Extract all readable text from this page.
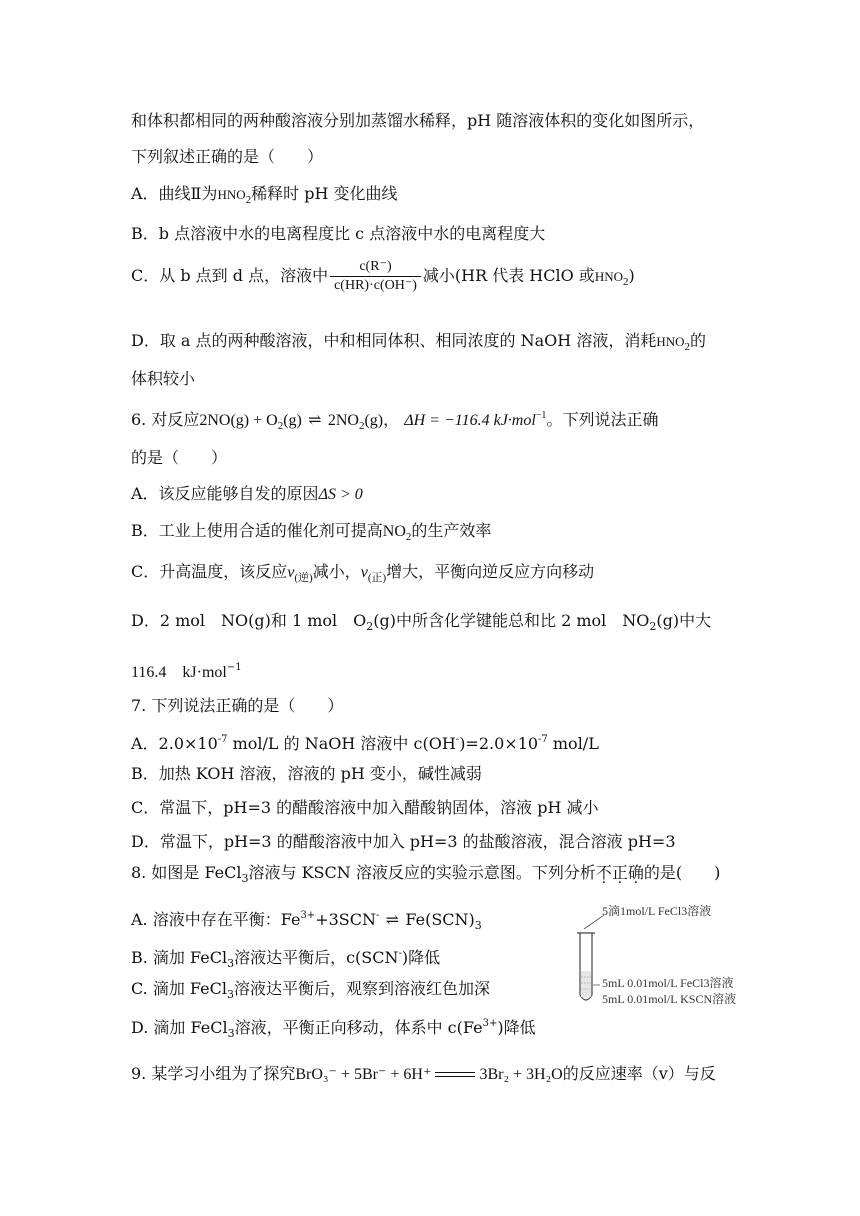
和体积都相同的两种酸溶液分别加蒸馏水稀释，pH 随溶液体积的变化如图所示，
下列叙述正确的是（　　）
A．曲线Ⅱ为$HNO_2$稀释时 pH 变化曲线
B．b 点溶液中水的电离程度比 c 点溶液中水的电离程度大
C．从 b 点到 d 点，溶液中 $\frac{c(R^-)}{c(HR)\cdot c(OH^-)}$ 减小(HR 代表 HClO 或$HNO_2$)
D．取 a 点的两种酸溶液，中和相同体积、相同浓度的 NaOH 溶液，消耗$HNO_2$的
体积较小
6. 对反应$2NO(g) + O_2(g)$ ⇌ $2NO_2(g)$， ΔH = −116.4 kJ·mol$^{-1}$。下列说法正确
的是（　　）
A．该反应能够自发的原因ΔS > 0
B．工业上使用合适的催化剂可提高$NO_2$的生产效率
C．升高温度，该反应$v_{(逆)}$减小，$v_{(正)}$增大，平衡向逆反应方向移动
D．2 mol　NO(g)和 1 mol　$O_2(g)$中所含化学键能总和比 2 mol　$NO_2(g)$中大
116.4　kJ·mol$^{-1}$
7. 下列说法正确的是（　　）
A．$2.0\times 10^{-7}$ mol/L 的 NaOH 溶液中 $c(OH^-)=2.0\times 10^{-7}$ mol/L
B．加热 KOH 溶液，溶液的 pH 变小，碱性减弱
C．常温下，pH=3 的醋酸溶液中加入醋酸钠固体，溶液 pH 减小
D．常温下，pH=3 的醋酸溶液中加入 pH=3 的盐酸溶液，混合溶液 pH=3
8. 如图是 FeCl$_3$溶液与 KSCN 溶液反应的实验示意图。下列分析不正确的是(　　)
A. 溶液中存在平衡：$Fe^{3+}+3SCN^-$ ⇌ $Fe(SCN)_3$
B. 滴加 FeCl$_3$溶液达平衡后，c(SCN-)降低
C. 滴加 FeCl$_3$溶液达平衡后，观察到溶液红色加深
D. 滴加 FeCl$_3$溶液，平衡正向移动，体系中 $c(Fe^{3+})$降低
5滴1mol/L FeCl3溶液
5mL 0.01mol/L FeCl3溶液
5mL 0.01mol/L KSCN溶液
9. 某学习小组为了探究BrO₃⁻ + 5Br⁻ + 6H⁺	3Br₂ + 3H₂O的反应速率（v）与反
